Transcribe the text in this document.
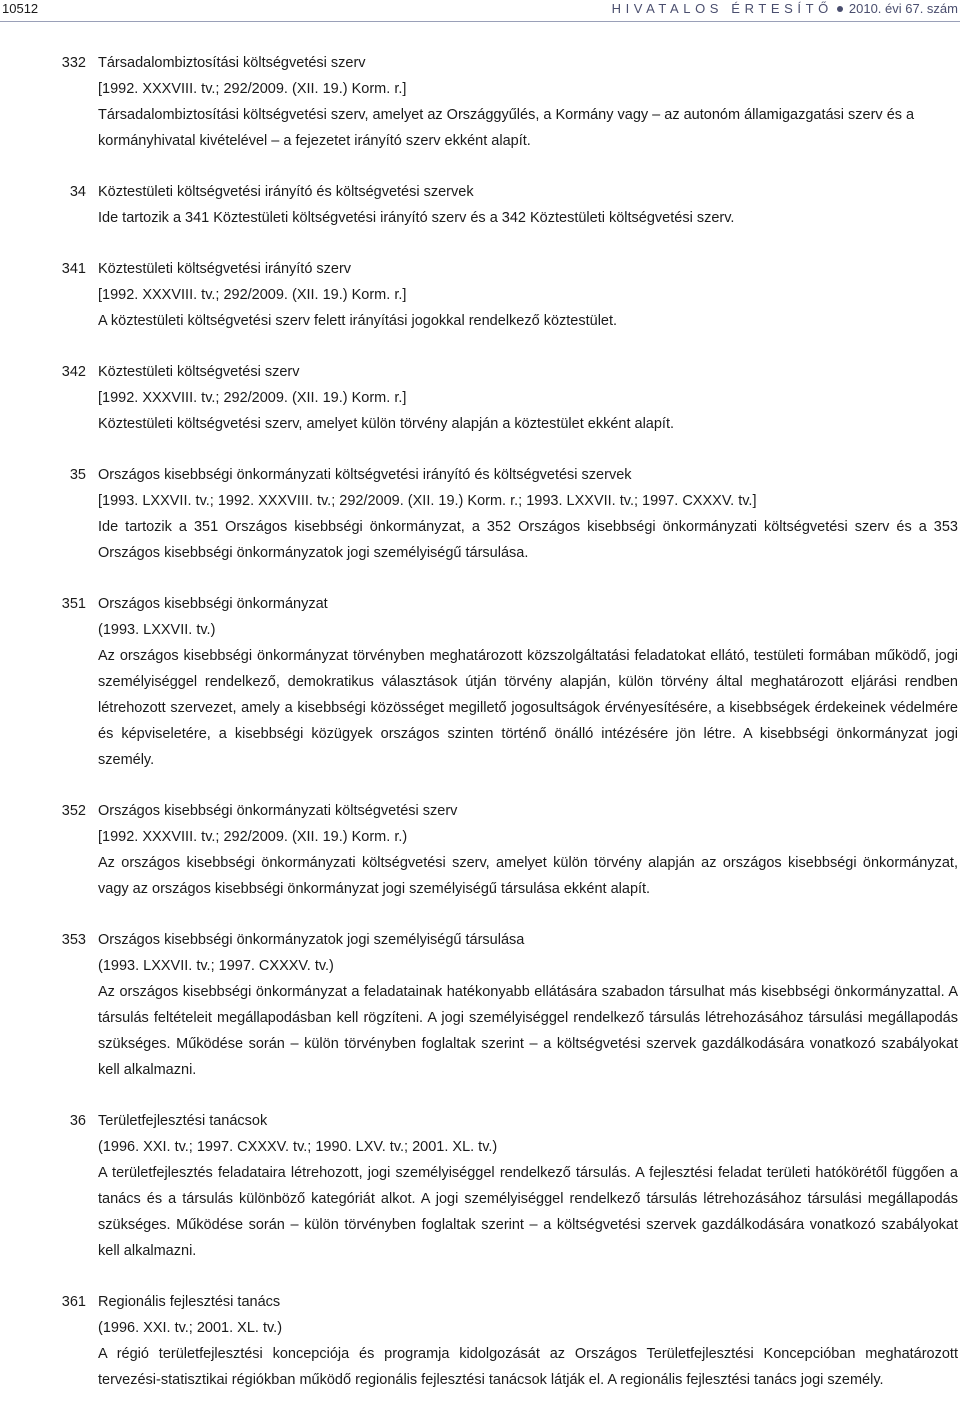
10512	HIVATALOS ÉRTESÍTŐ 2010. évi 67. szám
332 Társadalombiztosítási költségvetési szerv

[1992. XXXVIII. tv.; 292/2009. (XII. 19.) Korm. r.]

Társadalombiztosítási költségvetési szerv, amelyet az Országgyűlés, a Kormány vagy – az autonóm államigazgatási szerv és a kormányhivatal kivételével – a fejezetet irányító szerv ekként alapít.

34 Köztestületi költségvetési irányító és költségvetési szervek

Ide tartozik a 341 Köztestületi költségvetési irányító szerv és a 342 Köztestületi költségvetési szerv.

341 Köztestületi költségvetési irányító szerv

[1992. XXXVIII. tv.; 292/2009. (XII. 19.) Korm. r.]

A köztestületi költségvetési szerv felett irányítási jogokkal rendelkező köztestület.

342 Köztestületi költségvetési szerv

[1992. XXXVIII. tv.; 292/2009. (XII. 19.) Korm. r.]

Köztestületi költségvetési szerv, amelyet külön törvény alapján a köztestület ekként alapít.

35 Országos kisebbségi önkormányzati költségvetési irányító és költségvetési szervek

[1993. LXXVII. tv.; 1992. XXXVIII. tv.; 292/2009. (XII. 19.) Korm. r.; 1993. LXXVII. tv.; 1997. CXXXV. tv.]

Ide tartozik a 351 Országos kisebbségi önkormányzat, a 352 Országos kisebbségi önkormányzati költségvetési szerv és a 353 Országos kisebbségi önkormányzatok jogi személyiségű társulása.

351 Országos kisebbségi önkormányzat

(1993. LXXVII. tv.)

Az országos kisebbségi önkormányzat törvényben meghatározott közszolgáltatási feladatokat ellátó, testületi formában működő, jogi személyiséggel rendelkező, demokratikus választások útján törvény alapján, külön törvény által meghatározott eljárási rendben létrehozott szervezet, amely a kisebbségi közösséget megillető jogosultságok érvényesítésére, a kisebbségek érdekeinek védelmére és képviseletére, a kisebbségi közügyek országos szinten történő önálló intézésére jön létre. A kisebbségi önkormányzat jogi személy.

352 Országos kisebbségi önkormányzati költségvetési szerv

[1992. XXXVIII. tv.; 292/2009. (XII. 19.) Korm. r.)

Az országos kisebbségi önkormányzati költségvetési szerv, amelyet külön törvény alapján az országos kisebbségi önkormányzat, vagy az országos kisebbségi önkormányzat jogi személyiségű társulása ekként alapít.

353 Országos kisebbségi önkormányzatok jogi személyiségű társulása

(1993. LXXVII. tv.; 1997. CXXXV. tv.)

Az országos kisebbségi önkormányzat a feladatainak hatékonyabb ellátására szabadon társulhat más kisebbségi önkormányzattal. A társulás feltételeit megállapodásban kell rögzíteni. A jogi személyiséggel rendelkező társulás létrehozásához társulási megállapodás szükséges. Működése során – külön törvényben foglaltak szerint – a költségvetési szervek gazdálkodására vonatkozó szabályokat kell alkalmazni.

36 Területfejlesztési tanácsok

(1996. XXI. tv.; 1997. CXXXV. tv.; 1990. LXV. tv.; 2001. XL. tv.)

A területfejlesztés feladataira létrehozott, jogi személyiséggel rendelkező társulás. A fejlesztési feladat területi hatókörétől függően a tanács és a társulás különböző kategóriát alkot. A jogi személyiséggel rendelkező társulás létrehozásához társulási megállapodás szükséges. Működése során – külön törvényben foglaltak szerint – a költségvetési szervek gazdálkodására vonatkozó szabályokat kell alkalmazni.

361 Regionális fejlesztési tanács

(1996. XXI. tv.; 2001. XL. tv.)

A régió területfejlesztési koncepciója és programja kidolgozását az Országos Területfejlesztési Koncepcióban meghatározott tervezési-statisztikai régiókban működő regionális fejlesztési tanácsok látják el. A regionális fejlesztési tanács jogi személy.
